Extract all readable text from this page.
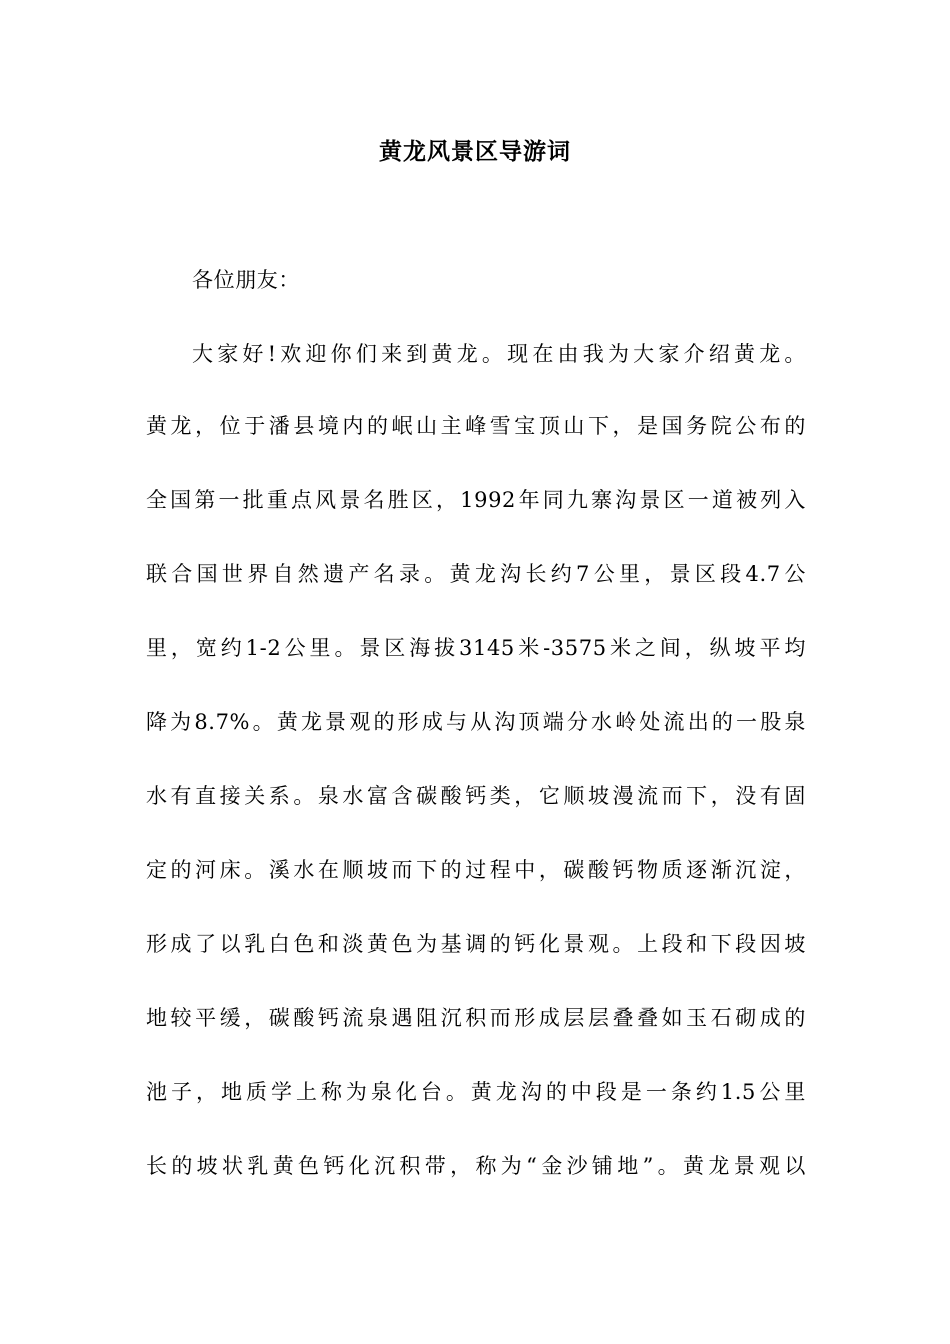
黄龙风景区导游词
各位朋友：
大家好!欢迎你们来到黄龙。现在由我为大家介绍黄龙。
黄龙，位于潘县境内的岷山主峰雪宝顶山下，是国务院公布的
全国第一批重点风景名胜区，1992年同九寨沟景区一道被列入
联合国世界自然遗产名录。黄龙沟长约7公里，景区段4.7公
里，宽约1-2公里。景区海拔3145米-3575米之间，纵坡平均
降为8.7%。黄龙景观的形成与从沟顶端分水岭处流出的一股泉
水有直接关系。泉水富含碳酸钙类，它顺坡漫流而下，没有固
定的河床。溪水在顺坡而下的过程中，碳酸钙物质逐渐沉淀，
形成了以乳白色和淡黄色为基调的钙化景观。上段和下段因坡
地较平缓，碳酸钙流泉遇阻沉积而形成层层叠叠如玉石砌成的
池子，地质学上称为泉化台。黄龙沟的中段是一条约1.5公里
长的坡状乳黄色钙化沉积带，称为“金沙铺地”。黄龙景观以
